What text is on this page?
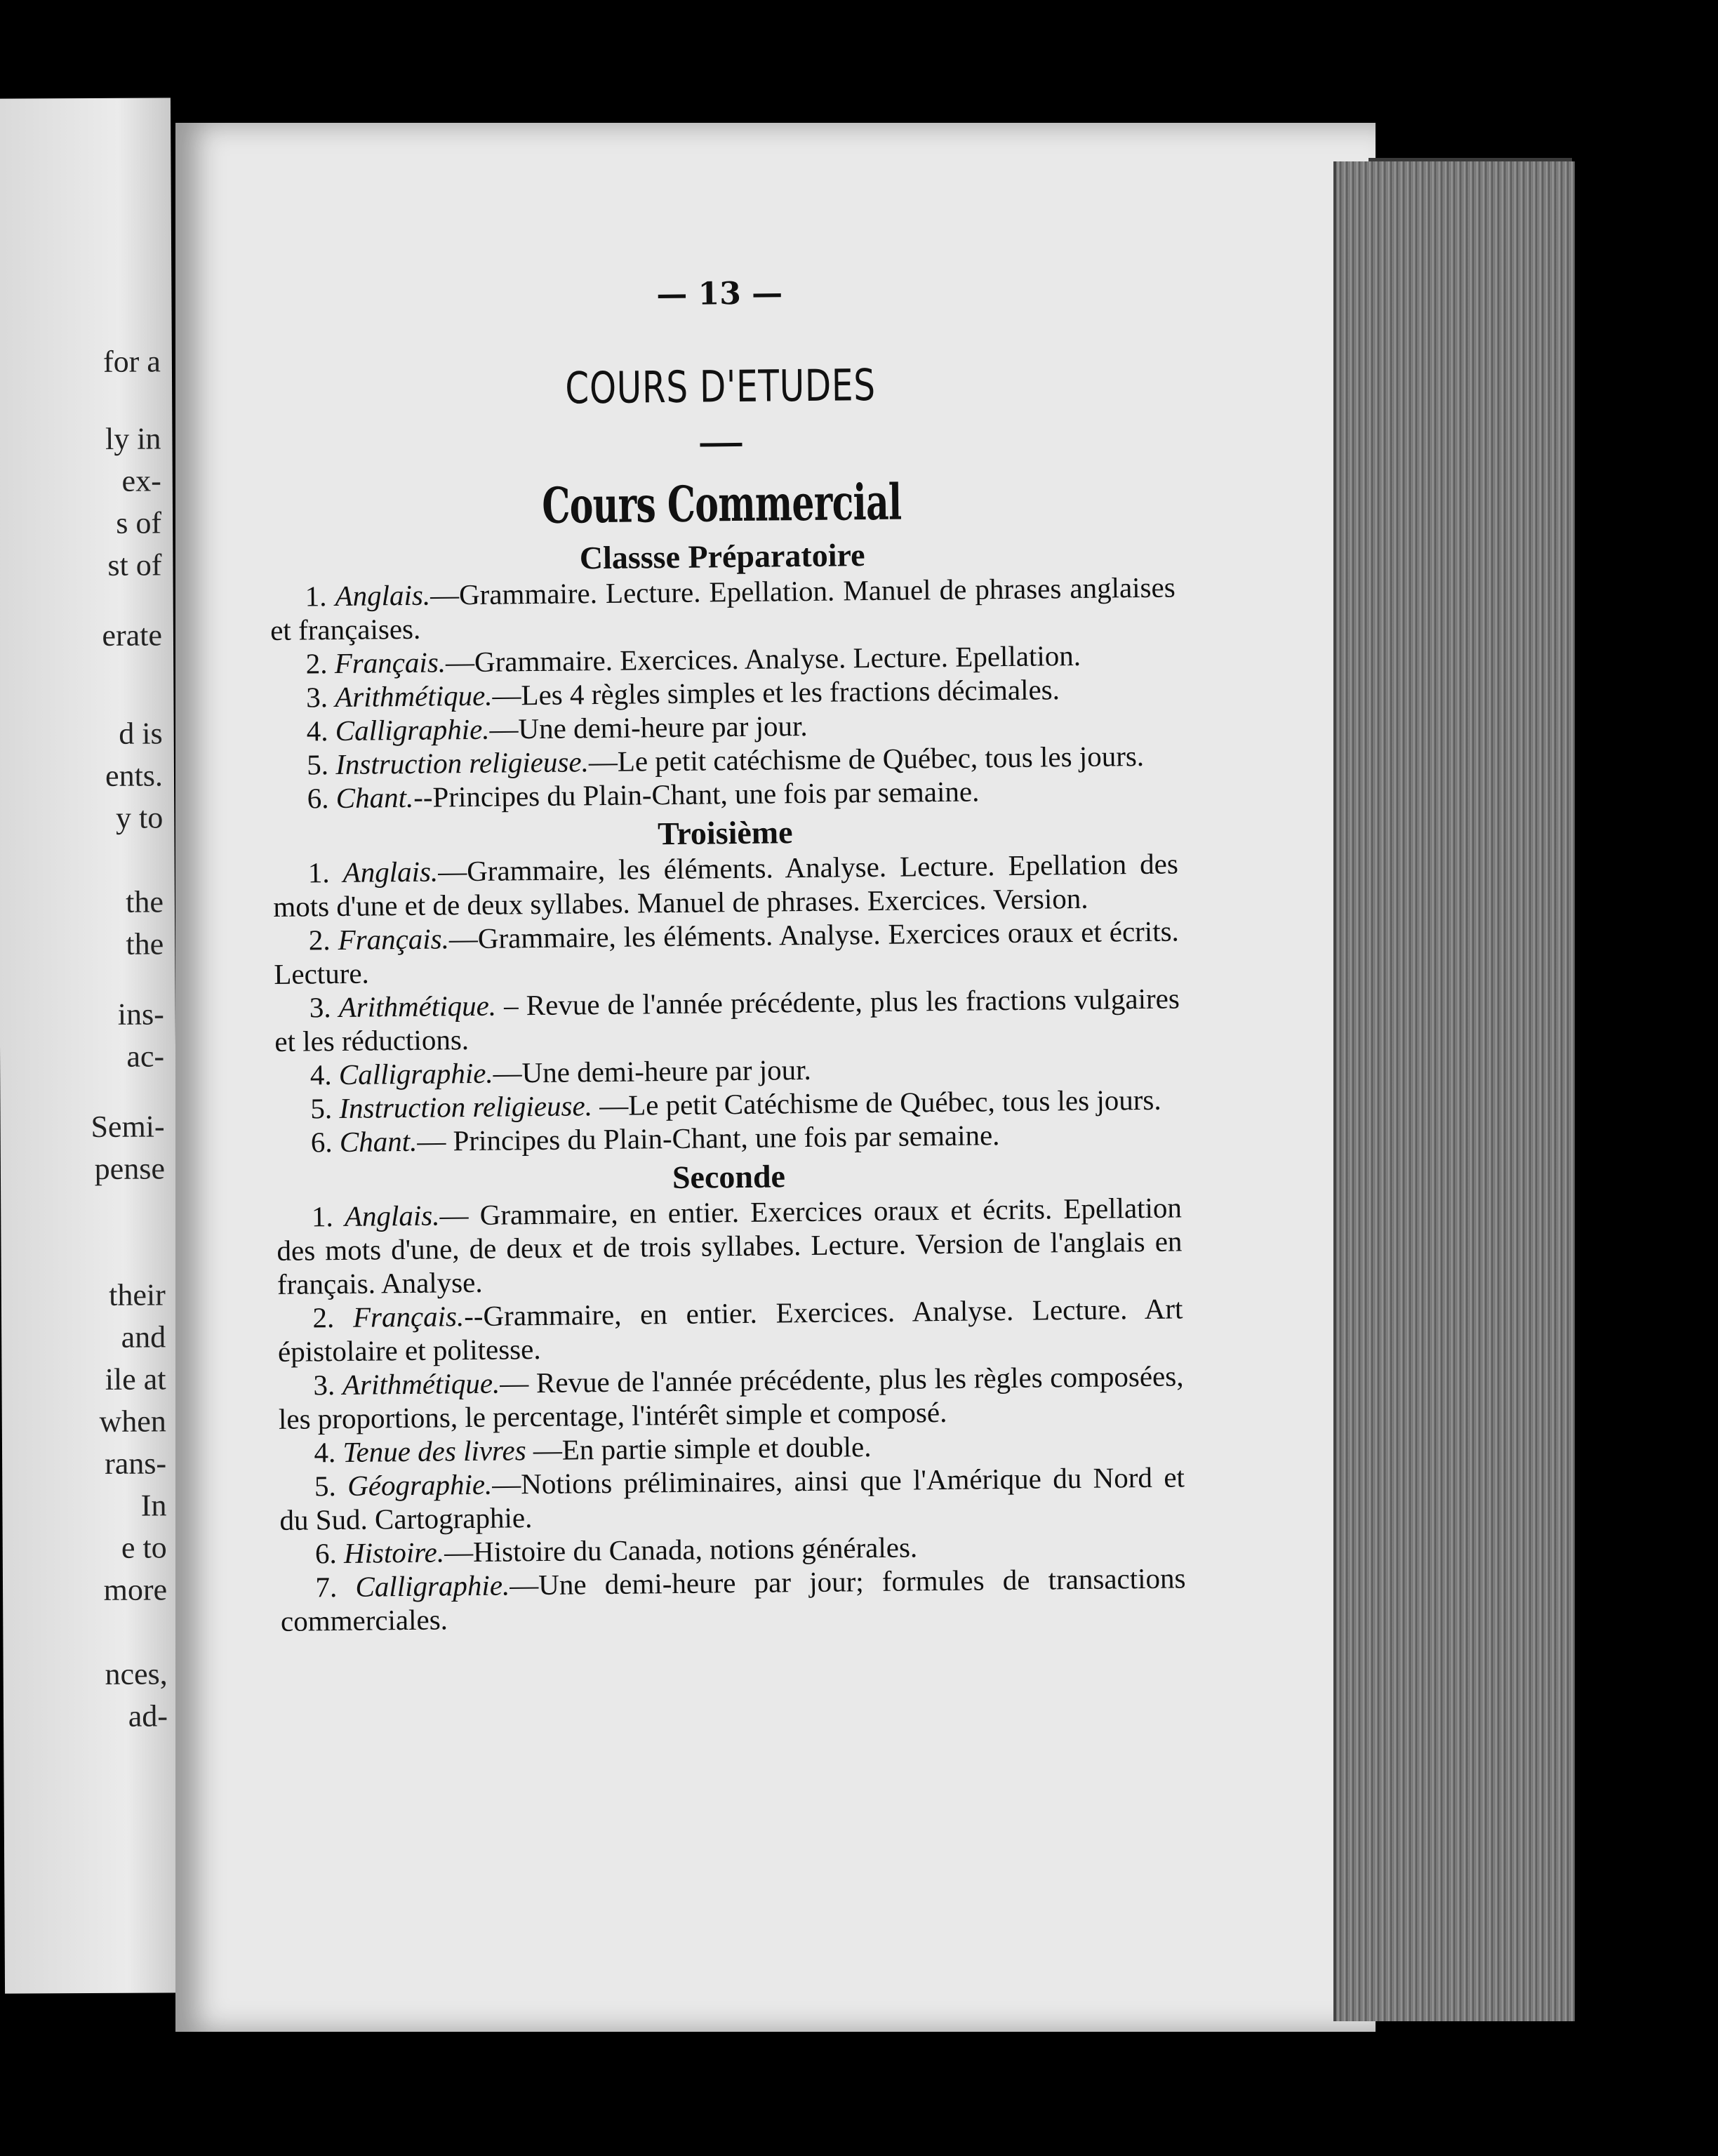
for a
ly in
ex-
s of
st of
erate
d is
ents.
y to
the
the
ins-
ac-
Semi-
pense
their
and
ile at
when
rans-
In
e to
more
nces,
ad-
— 13 —
COURS D'ETUDES
Cours Commercial
Classse Préparatoire

1. Anglais.—Grammaire. Lecture. Epellation. Manuel de phrases anglaises et françaises.

2. Français.—Grammaire. Exercices. Analyse. Lecture. Epellation.

3. Arithmétique.—Les 4 règles simples et les fractions décimales.

4. Calligraphie.—Une demi-heure par jour.

5. Instruction religieuse.—Le petit catéchisme de Québec, tous les jours.

6. Chant.--Principes du Plain-Chant, une fois par semaine.

Troisième

1. Anglais.—Grammaire, les éléments. Analyse. Lecture. Epellation des mots d'une et de deux syllabes. Manuel de phrases. Exercices. Version.

2. Français.—Grammaire, les éléments. Analyse. Exercices oraux et écrits. Lecture.

3. Arithmétique. – Revue de l'année précédente, plus les fractions vulgaires et les réductions.

4. Calligraphie.—Une demi-heure par jour.

5. Instruction religieuse. —Le petit Catéchisme de Québec, tous les jours.

6. Chant.— Principes du Plain-Chant, une fois par semaine.

Seconde

1. Anglais.— Grammaire, en entier. Exercices oraux et écrits. Epellation des mots d'une, de deux et de trois syllabes. Lecture. Version de l'anglais en français. Analyse.

2. Français.--Grammaire, en entier. Exercices. Analyse. Lecture. Art épistolaire et politesse.

3. Arithmétique.— Revue de l'année précédente, plus les règles composées, les proportions, le percentage, l'intérêt simple et composé.

4. Tenue des livres —En partie simple et double.

5. Géographie.—Notions préliminaires, ainsi que l'Amérique du Nord et du Sud. Cartographie.

6. Histoire.—Histoire du Canada, notions générales.

7. Calligraphie.—Une demi-heure par jour; formules de transactions commerciales.
